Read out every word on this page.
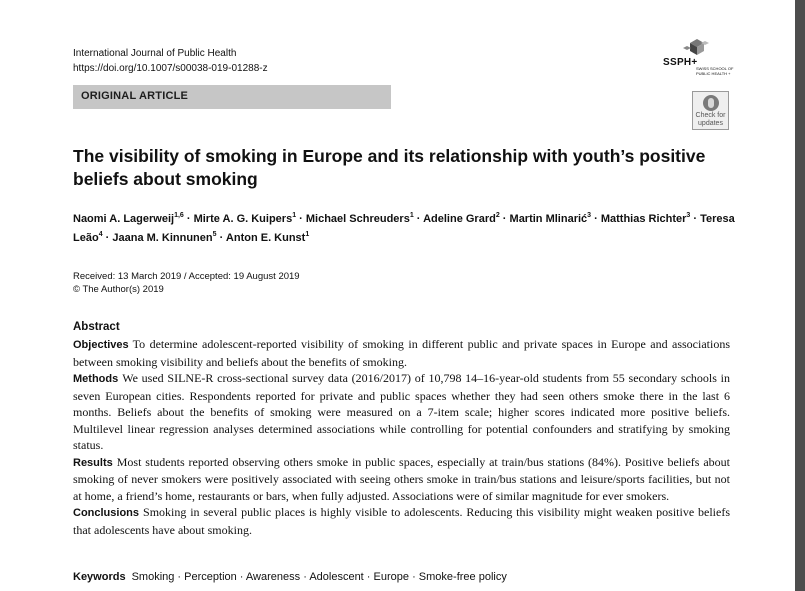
International Journal of Public Health
https://doi.org/10.1007/s00038-019-01288-z
SSPH+
SWISS SCHOOL OF PUBLIC HEALTH +
ORIGINAL ARTICLE
Check for updates
The visibility of smoking in Europe and its relationship with youth’s positive beliefs about smoking
Naomi A. Lagerweij$^{1,6}$ · Mirte A. G. Kuipers$^1$ · Michael Schreuders$^1$ · Adeline Grard$^2$ · Martin Mlinarić$^3$ · Matthias Richter$^3$ · Teresa Leão$^4$ · Jaana M. Kinnunen$^5$ · Anton E. Kunst$^1$
Received: 13 March 2019 / Accepted: 19 August 2019
© The Author(s) 2019
Abstract

Objectives To determine adolescent-reported visibility of smoking in different public and private spaces in Europe and associations between smoking visibility and beliefs about the benefits of smoking.

Methods We used SILNE-R cross-sectional survey data (2016/2017) of 10,798 14–16-year-old students from 55 secondary schools in seven European cities. Respondents reported for private and public spaces whether they had seen others smoke there in the last 6 months. Beliefs about the benefits of smoking were measured on a 7-item scale; higher scores indicated more positive beliefs. Multilevel linear regression analyses determined associations while controlling for potential confounders and stratifying by smoking status.

Results Most students reported observing others smoke in public spaces, especially at train/bus stations (84%). Positive beliefs about smoking of never smokers were positively associated with seeing others smoke in train/bus stations and leisure/sports facilities, but not at home, a friend’s home, restaurants or bars, when fully adjusted. Associations were of similar magnitude for ever smokers.

Conclusions Smoking in several public places is highly visible to adolescents. Reducing this visibility might weaken positive beliefs that adolescents have about smoking.

Keywords Smoking · Perception · Awareness · Adolescent · Europe · Smoke-free policy
